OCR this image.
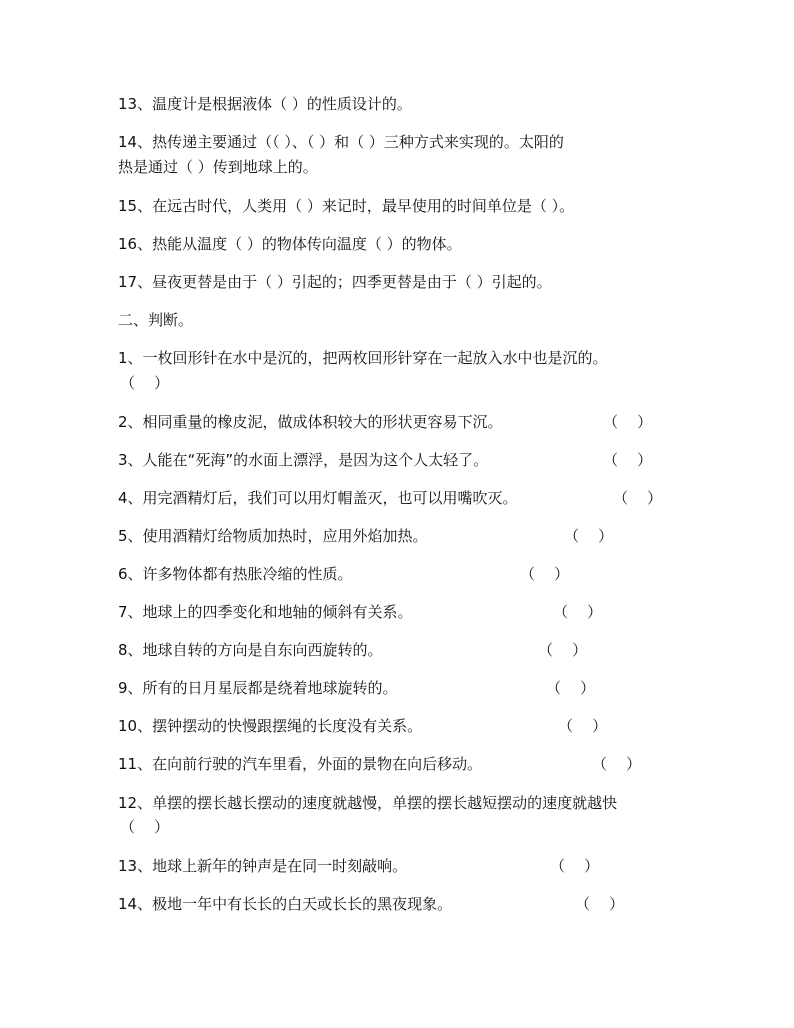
13、温度计是根据液体（ ）的性质设计的。
14、热传递主要通过（（ ）、（ ）和（ ）三种方式来实现的。太阳的
热是通过（ ）传到地球上的。
15、在远古时代，人类用（ ）来记时，最早使用的时间单位是（ ）。
16、热能从温度（ ）的物体传向温度（ ）的物体。
17、昼夜更替是由于（ ）引起的；四季更替是由于（ ）引起的。
二、判断。
1、一枚回形针在水中是沉的，把两枚回形针穿在一起放入水中也是沉的。
（    ）
2、相同重量的橡皮泥，做成体积较大的形状更容易下沉。	（    ）
3、人能在“死海”的水面上漂浮，是因为这个人太轻了。	（    ）
4、用完酒精灯后，我们可以用灯帽盖灭，也可以用嘴吹灭。	（    ）
5、使用酒精灯给物质加热时，应用外焰加热。	（    ）
6、许多物体都有热胀冷缩的性质。	（    ）
7、地球上的四季变化和地轴的倾斜有关系。	（    ）
8、地球自转的方向是自东向西旋转的。	（    ）
9、所有的日月星辰都是绕着地球旋转的。	（    ）
10、摆钟摆动的快慢跟摆绳的长度没有关系。	（    ）
11、在向前行驶的汽车里看，外面的景物在向后移动。	（    ）
12、单摆的摆长越长摆动的速度就越慢，单摆的摆长越短摆动的速度就越快
（    ）
13、地球上新年的钟声是在同一时刻敲响。	（    ）
14、极地一年中有长长的白天或长长的黑夜现象。	（    ）
